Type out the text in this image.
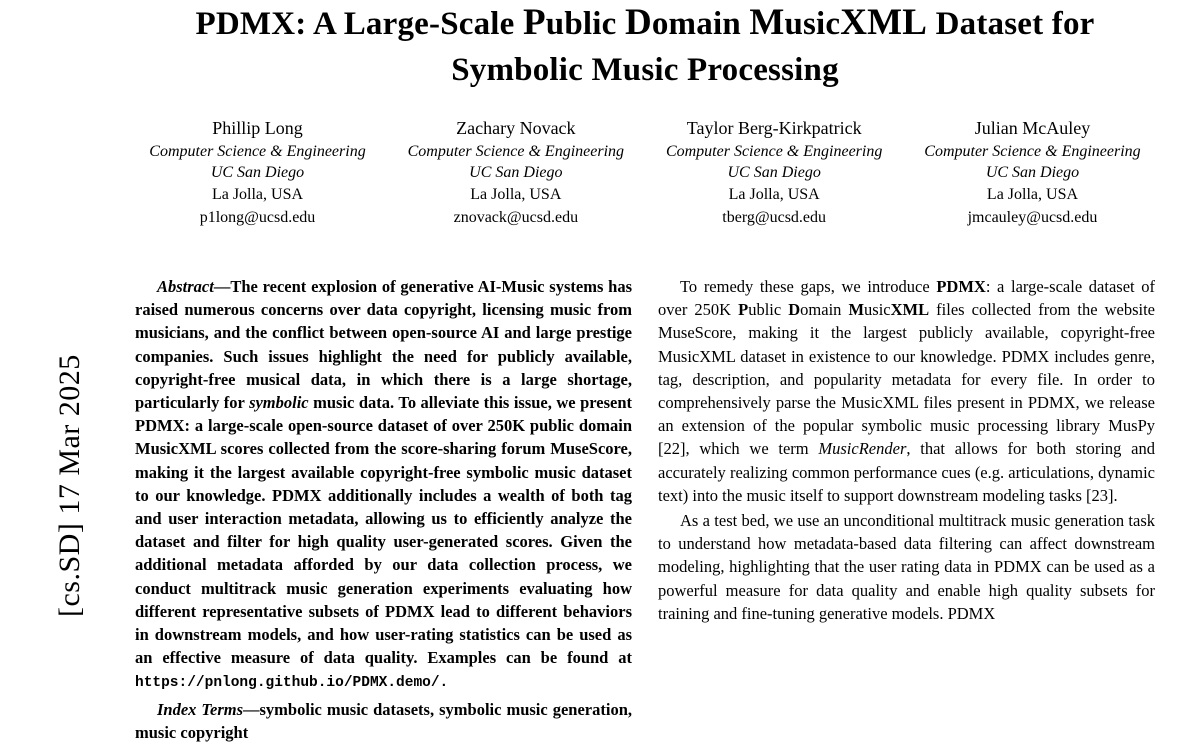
[cs.SD] 17 Mar 2025
PDMX: A Large-Scale Public Domain MusicXML Dataset for
Symbolic Music Processing
Phillip Long
Computer Science & Engineering
UC San Diego
La Jolla, USA
p1long@ucsd.edu
Zachary Novack
Computer Science & Engineering
UC San Diego
La Jolla, USA
znovack@ucsd.edu
Taylor Berg-Kirkpatrick
Computer Science & Engineering
UC San Diego
La Jolla, USA
tberg@ucsd.edu
Julian McAuley
Computer Science & Engineering
UC San Diego
La Jolla, USA
jmcauley@ucsd.edu

Abstract—The recent explosion of generative AI-Music systems has raised numerous concerns over data copyright, licensing music from musicians, and the conflict between open-source AI and large prestige companies. Such issues highlight the need for publicly available, copyright-free musical data, in which there is a large shortage, particularly for symbolic music data. To alleviate this issue, we present PDMX: a large-scale open-source dataset of over 250K public domain MusicXML scores collected from the score-sharing forum MuseScore, making it the largest available copyright-free symbolic music dataset to our knowledge. PDMX additionally includes a wealth of both tag and user interaction metadata, allowing us to efficiently analyze the dataset and filter for high quality user-generated scores. Given the additional metadata afforded by our data collection process, we conduct multitrack music generation experiments evaluating how different representative subsets of PDMX lead to different behaviors in downstream models, and how user-rating statistics can be used as an effective measure of data quality. Examples can be found at https://pnlong.github.io/PDMX.demo/.

Index Terms—symbolic music datasets, symbolic music generation, music copyright

To remedy these gaps, we introduce PDMX: a large-scale dataset of over 250K Public Domain MusicXML files collected from the website MuseScore, making it the largest publicly available, copyright-free MusicXML dataset in existence to our knowledge. PDMX includes genre, tag, description, and popularity metadata for every file. In order to comprehensively parse the MusicXML files present in PDMX, we release an extension of the popular symbolic music processing library MusPy [22], which we term MusicRender, that allows for both storing and accurately realizing common performance cues (e.g. articulations, dynamic text) into the music itself to support downstream modeling tasks [23].

As a test bed, we use an unconditional multitrack music generation task to understand how metadata-based data filtering can affect downstream modeling, highlighting that the user rating data in PDMX can be used as a powerful measure for data quality and enable high quality subsets for training and fine-tuning generative models. PDMX
